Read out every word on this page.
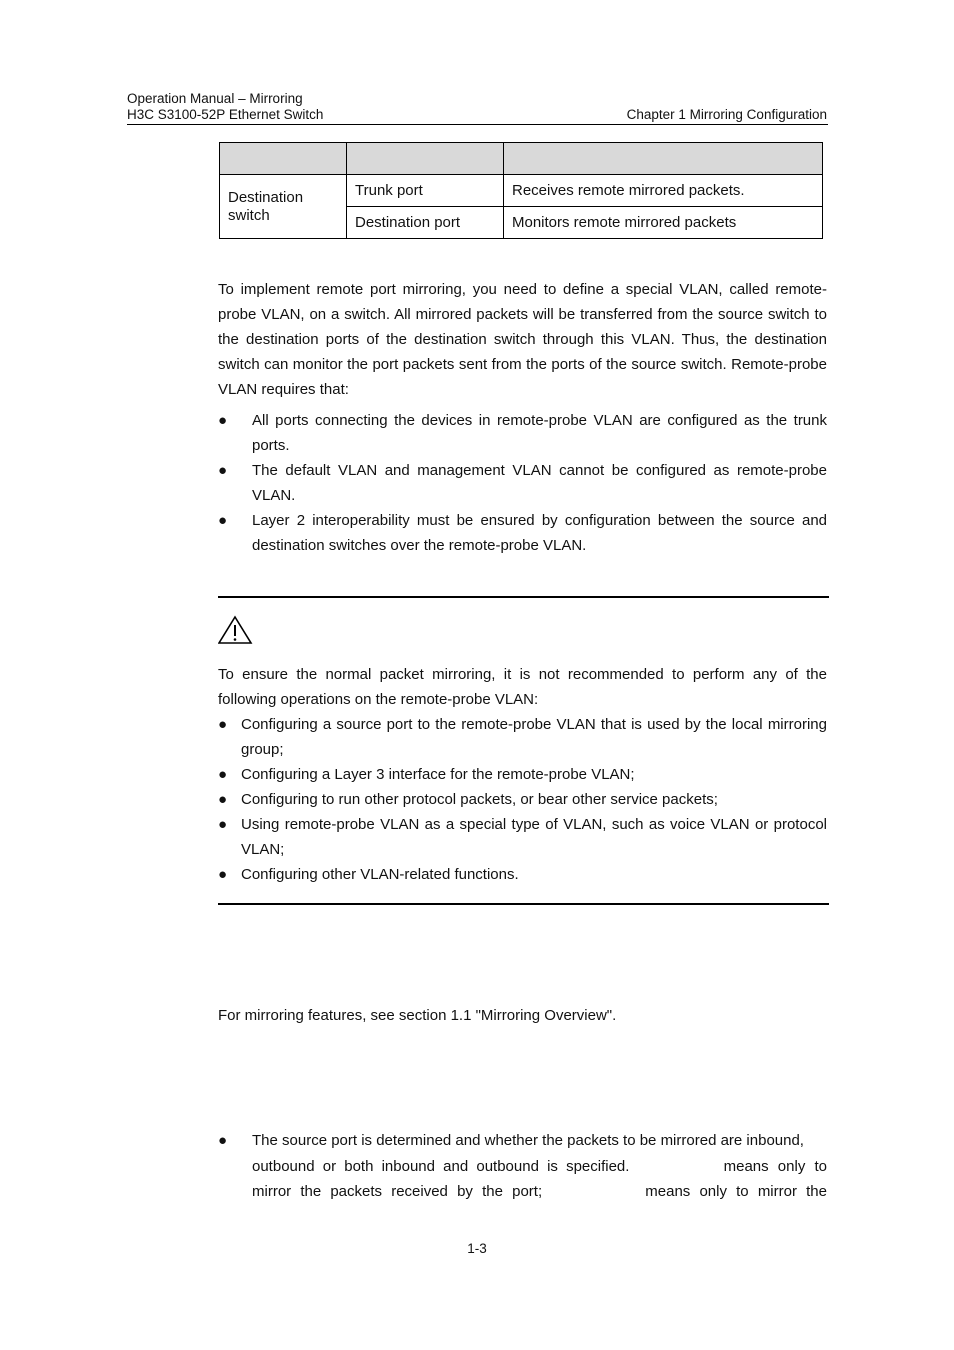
Operation Manual – Mirroring
H3C S3100-52P Ethernet Switch	Chapter 1 Mirroring Configuration

Destination switch	Trunk port	Receives remote mirrored packets.
	Destination port	Monitors remote mirrored packets
To implement remote port mirroring, you need to define a special VLAN, called remote-probe VLAN, on a switch. All mirrored packets will be transferred from the source switch to the destination ports of the destination switch through this VLAN. Thus, the destination switch can monitor the port packets sent from the ports of the source switch. Remote-probe VLAN requires that:
● All ports connecting the devices in remote-probe VLAN are configured as the trunk ports.
● The default VLAN and management VLAN cannot be configured as remote-probe VLAN.
● Layer 2 interoperability must be ensured by configuration between the source and destination switches over the remote-probe VLAN.
To ensure the normal packet mirroring, it is not recommended to perform any of the following operations on the remote-probe VLAN:
● Configuring a source port to the remote-probe VLAN that is used by the local mirroring group;
● Configuring a Layer 3 interface for the remote-probe VLAN;
● Configuring to run other protocol packets, or bear other service packets;
● Using remote-probe VLAN as a special type of VLAN, such as voice VLAN or protocol VLAN;
● Configuring other VLAN-related functions.
For mirroring features, see section 1.1 "Mirroring Overview".
● The source port is determined and whether the packets to be mirrored are inbound,
outbound or both inbound and outbound is specified.	means only to
mirror the packets received by the port;	means only to mirror the
1-3
